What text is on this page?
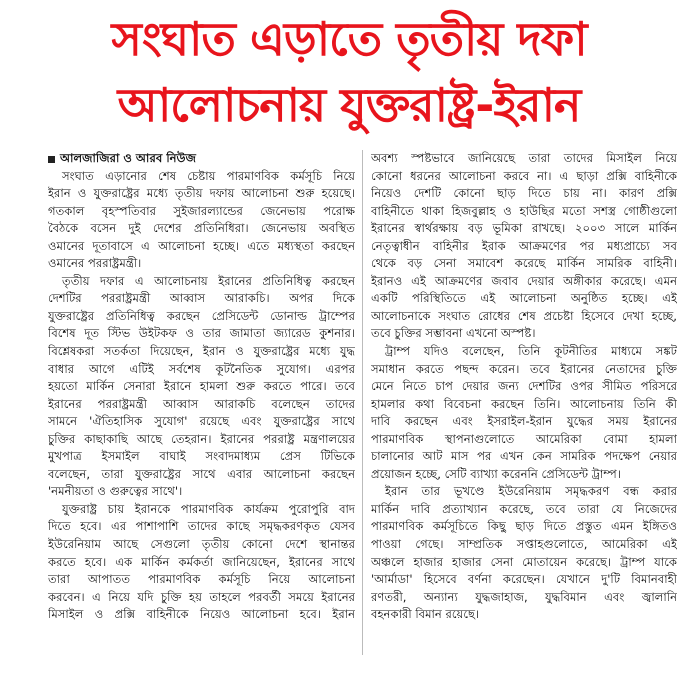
সংঘাত এড়াতে তৃতীয় দফা
আলোচনায় যুক্তরাষ্ট্র-ইরান
আলজাজিরা ও আরব নিউজ
সংঘাত এড়ানোর শেষ চেষ্টায় পারমাণবিক কর্মসূচি নিয়ে
ইরান ও যুক্তরাষ্ট্রের মধ্যে তৃতীয় দফায় আলোচনা শুরু হয়েছে।
গতকাল বৃহস্পতিবার সুইজারল্যান্ডের জেনেভায় পরোক্ষ
বৈঠকে বসেন দুই দেশের প্রতিনিধিরা। জেনেভায় অবস্থিত
ওমানের দূতাবাসে এ আলোচনা হচ্ছে। এতে মধ্যস্থতা করছেন
ওমানের পররাষ্ট্রমন্ত্রী।
তৃতীয় দফার এ আলোচনায় ইরানের প্রতিনিধিত্ব করছেন
দেশটির পররাষ্ট্রমন্ত্রী আব্বাস আরাকচি। অপর দিকে
যুক্তরাষ্ট্রের প্রতিনিধিত্ব করছেন প্রেসিডেন্ট ডোনাল্ড ট্রাম্পের
বিশেষ দূত স্টিভ উইটকফ ও তার জামাতা জ্যারেড কুশনার।
বিশ্লেষকরা সতর্কতা দিয়েছেন, ইরান ও যুক্তরাষ্ট্রের মধ্যে যুদ্ধ
বাধার আগে এটিই সর্বশেষ কূটনৈতিক সুযোগ। এরপর
হয়তো মার্কিন সেনারা ইরানে হামলা শুরু করতে পারে। তবে
ইরানের পররাষ্ট্রমন্ত্রী আব্বাস আরাকচি বলেছেন তাদের
সামনে 'ঐতিহাসিক সুযোগ' রয়েছে এবং যুক্তরাষ্ট্রের সাথে
চুক্তির কাছাকাছি আছে তেহরান। ইরানের পররাষ্ট্র মন্ত্রণালয়ের
মুখপাত্র ইসমাইল বাঘাই সংবাদমাধ্যম প্রেস টিভিকে
বলেছেন, তারা যুক্তরাষ্ট্রের সাথে এবার আলোচনা করছেন
'নমনীয়তা ও গুরুত্বের সাথে'।
যুক্তরাষ্ট্র চায় ইরানকে পারমাণবিক কার্যক্রম পুরোপুরি বাদ
দিতে হবে। এর পাশাপাশি তাদের কাছে সমৃদ্ধকরণকৃত যেসব
ইউরেনিয়াম আছে সেগুলো তৃতীয় কোনো দেশে স্থানান্তর
করতে হবে। এক মার্কিন কর্মকর্তা জানিয়েছেন, ইরানের সাথে
তারা আপাতত পারমাণবিক কর্মসূচি নিয়ে আলোচনা
করবেন। এ নিয়ে যদি চুক্তি হয় তাহলে পরবর্তী সময়ে ইরানের
মিসাইল ও প্রক্সি বাহিনীকে নিয়েও আলোচনা হবে। ইরান
অবশ্য স্পষ্টভাবে জানিয়েছে তারা তাদের মিসাইল নিয়ে
কোনো ধরনের আলোচনা করবে না। এ ছাড়া প্রক্সি বাহিনীকে
নিয়েও দেশটি কোনো ছাড় দিতে চায় না। কারণ প্রক্সি
বাহিনীতে থাকা হিজবুল্লাহ ও হাউছির মতো সশস্ত্র গোষ্ঠীগুলো
ইরানের স্বার্থরক্ষায় বড় ভূমিকা রাখছে। ২০০৩ সালে মার্কিন
নেতৃত্বাধীন বাহিনীর ইরাক আক্রমণের পর মধ্যপ্রাচ্যে সব
থেকে বড় সেনা সমাবেশ করেছে মার্কিন সামরিক বাহিনী।
ইরানও এই আক্রমণের জবাব দেয়ার অঙ্গীকার করেছে। এমন
একটি পরিস্থিতিতে এই আলোচনা অনুষ্ঠিত হচ্ছে। এই
আলোচনাকে সংঘাত রোধের শেষ প্রচেষ্টা হিসেবে দেখা হচ্ছে,
তবে চুক্তির সম্ভাবনা এখনো অস্পষ্ট।
ট্রাম্প যদিও বলেছেন, তিনি কূটনীতির মাধ্যমে সঙ্কট
সমাধান করতে পছন্দ করেন। তবে ইরানের নেতাদের চুক্তি
মেনে নিতে চাপ দেয়ার জন্য দেশটির ওপর সীমিত পরিসরে
হামলার কথা বিবেচনা করছেন তিনি। আলোচনায় তিনি কী
দাবি করছেন এবং ইসরাইল-ইরান যুদ্ধের সময় ইরানের
পারমাণবিক স্থাপনাগুলোতে আমেরিকা বোমা হামলা
চালানোর আট মাস পর এখন কেন সামরিক পদক্ষেপ নেয়ার
প্রয়োজন হচ্ছে, সেটি ব্যাখ্যা করেননি প্রেসিডেন্ট ট্রাম্প।
ইরান তার ভূখণ্ডে ইউরেনিয়াম সমৃদ্ধকরণ বন্ধ করার
মার্কিন দাবি প্রত্যাখ্যান করেছে, তবে তারা যে নিজেদের
পারমাণবিক কর্মসূচিতে কিছু ছাড় দিতে প্রস্তুত এমন ইঙ্গিতও
পাওয়া গেছে। সাম্প্রতিক সপ্তাহগুলোতে, আমেরিকা এই
অঞ্চলে হাজার হাজার সেনা মোতায়েন করেছে। ট্রাম্প যাকে
'আর্মাডা' হিসেবে বর্ণনা করেছেন। যেখানে দু'টি বিমানবাহী
রণতরী, অন্যান্য যুদ্ধজাহাজ, যুদ্ধবিমান এবং জ্বালানি
বহনকারী বিমান রয়েছে।
